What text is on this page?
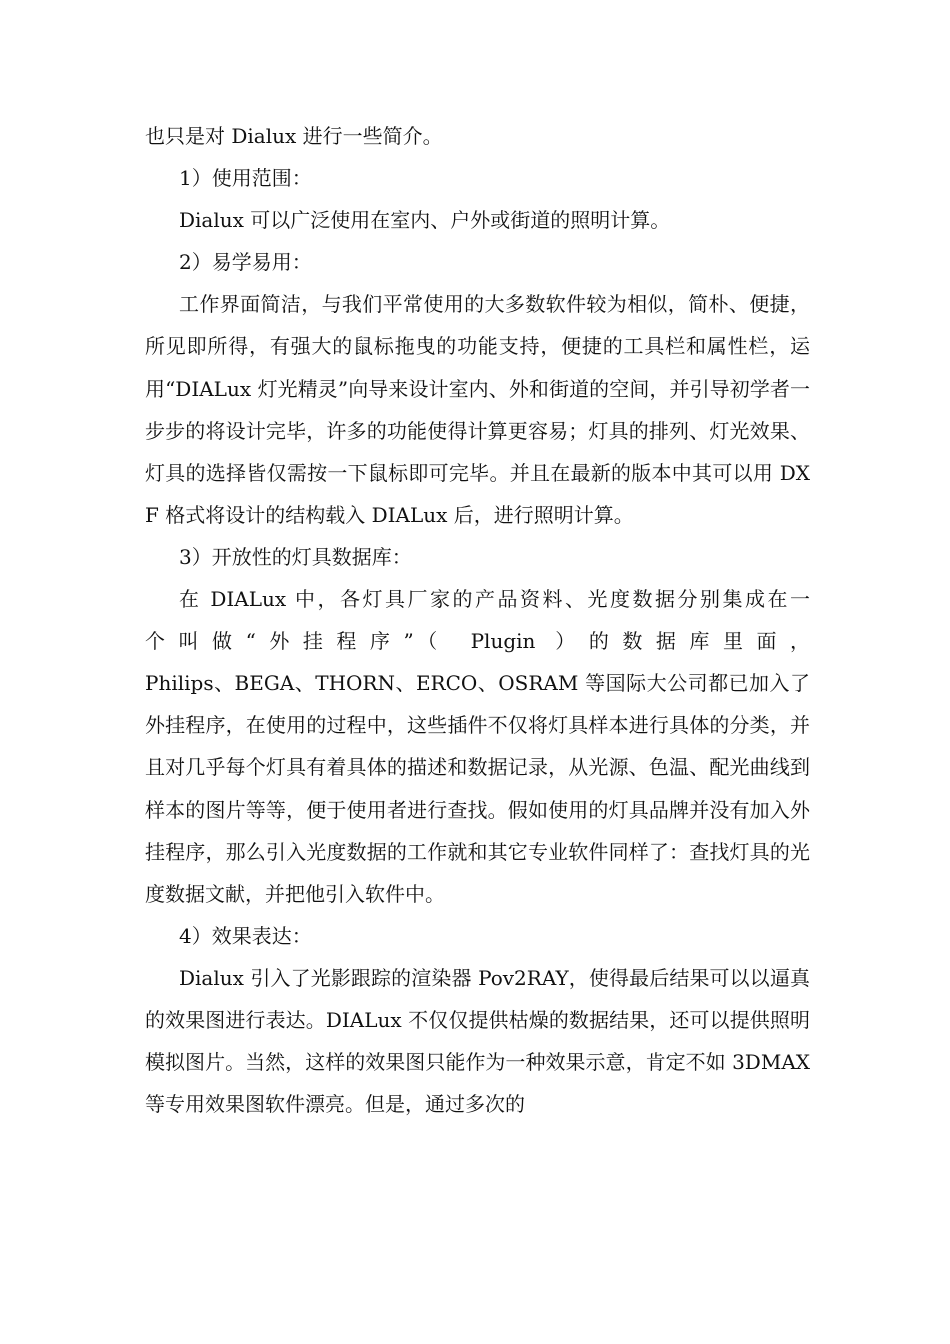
也只是对 Dialux 进行一些简介。

1）使用范围：

Dialux 可以广泛使用在室内、户外或街道的照明计算。

2）易学易用：

工作界面简洁，与我们平常使用的大多数软件较为相似，简朴、便捷，所见即所得，有强大的鼠标拖曳的功能支持，便捷的工具栏和属性栏，运用“DIALux 灯光精灵”向导来设计室内、外和街道的空间，并引导初学者一步步的将设计完毕，许多的功能使得计算更容易；灯具的排列、灯光效果、灯具的选择皆仅需按一下鼠标即可完毕。并且在最新的版本中其可以用 DXF 格式将设计的结构载入 DIALux 后，进行照明计算。

3）开放性的灯具数据库：

在 DIALux 中，各灯具厂家的产品资料、光度数据分别集成在一

个叫做“外挂程序”（ Plugin ）的数据库里面，

Philips、BEGA、THORN、ERCO、OSRAM 等国际大公司都已加入了外挂程序，在使用的过程中，这些插件不仅将灯具样本进行具体的分类，并且对几乎每个灯具有着具体的描述和数据记录，从光源、色温、配光曲线到样本的图片等等，便于使用者进行查找。假如使用的灯具品牌并没有加入外挂程序，那么引入光度数据的工作就和其它专业软件同样了：查找灯具的光度数据文献，并把他引入软件中。

4）效果表达：

Dialux 引入了光影跟踪的渲染器 Pov2RAY，使得最后结果可以以逼真的效果图进行表达。DIALux 不仅仅提供枯燥的数据结果，还可以提供照明模拟图片。当然，这样的效果图只能作为一种效果示意，肯定不如 3DMAX 等专用效果图软件漂亮。但是，通过多次的
